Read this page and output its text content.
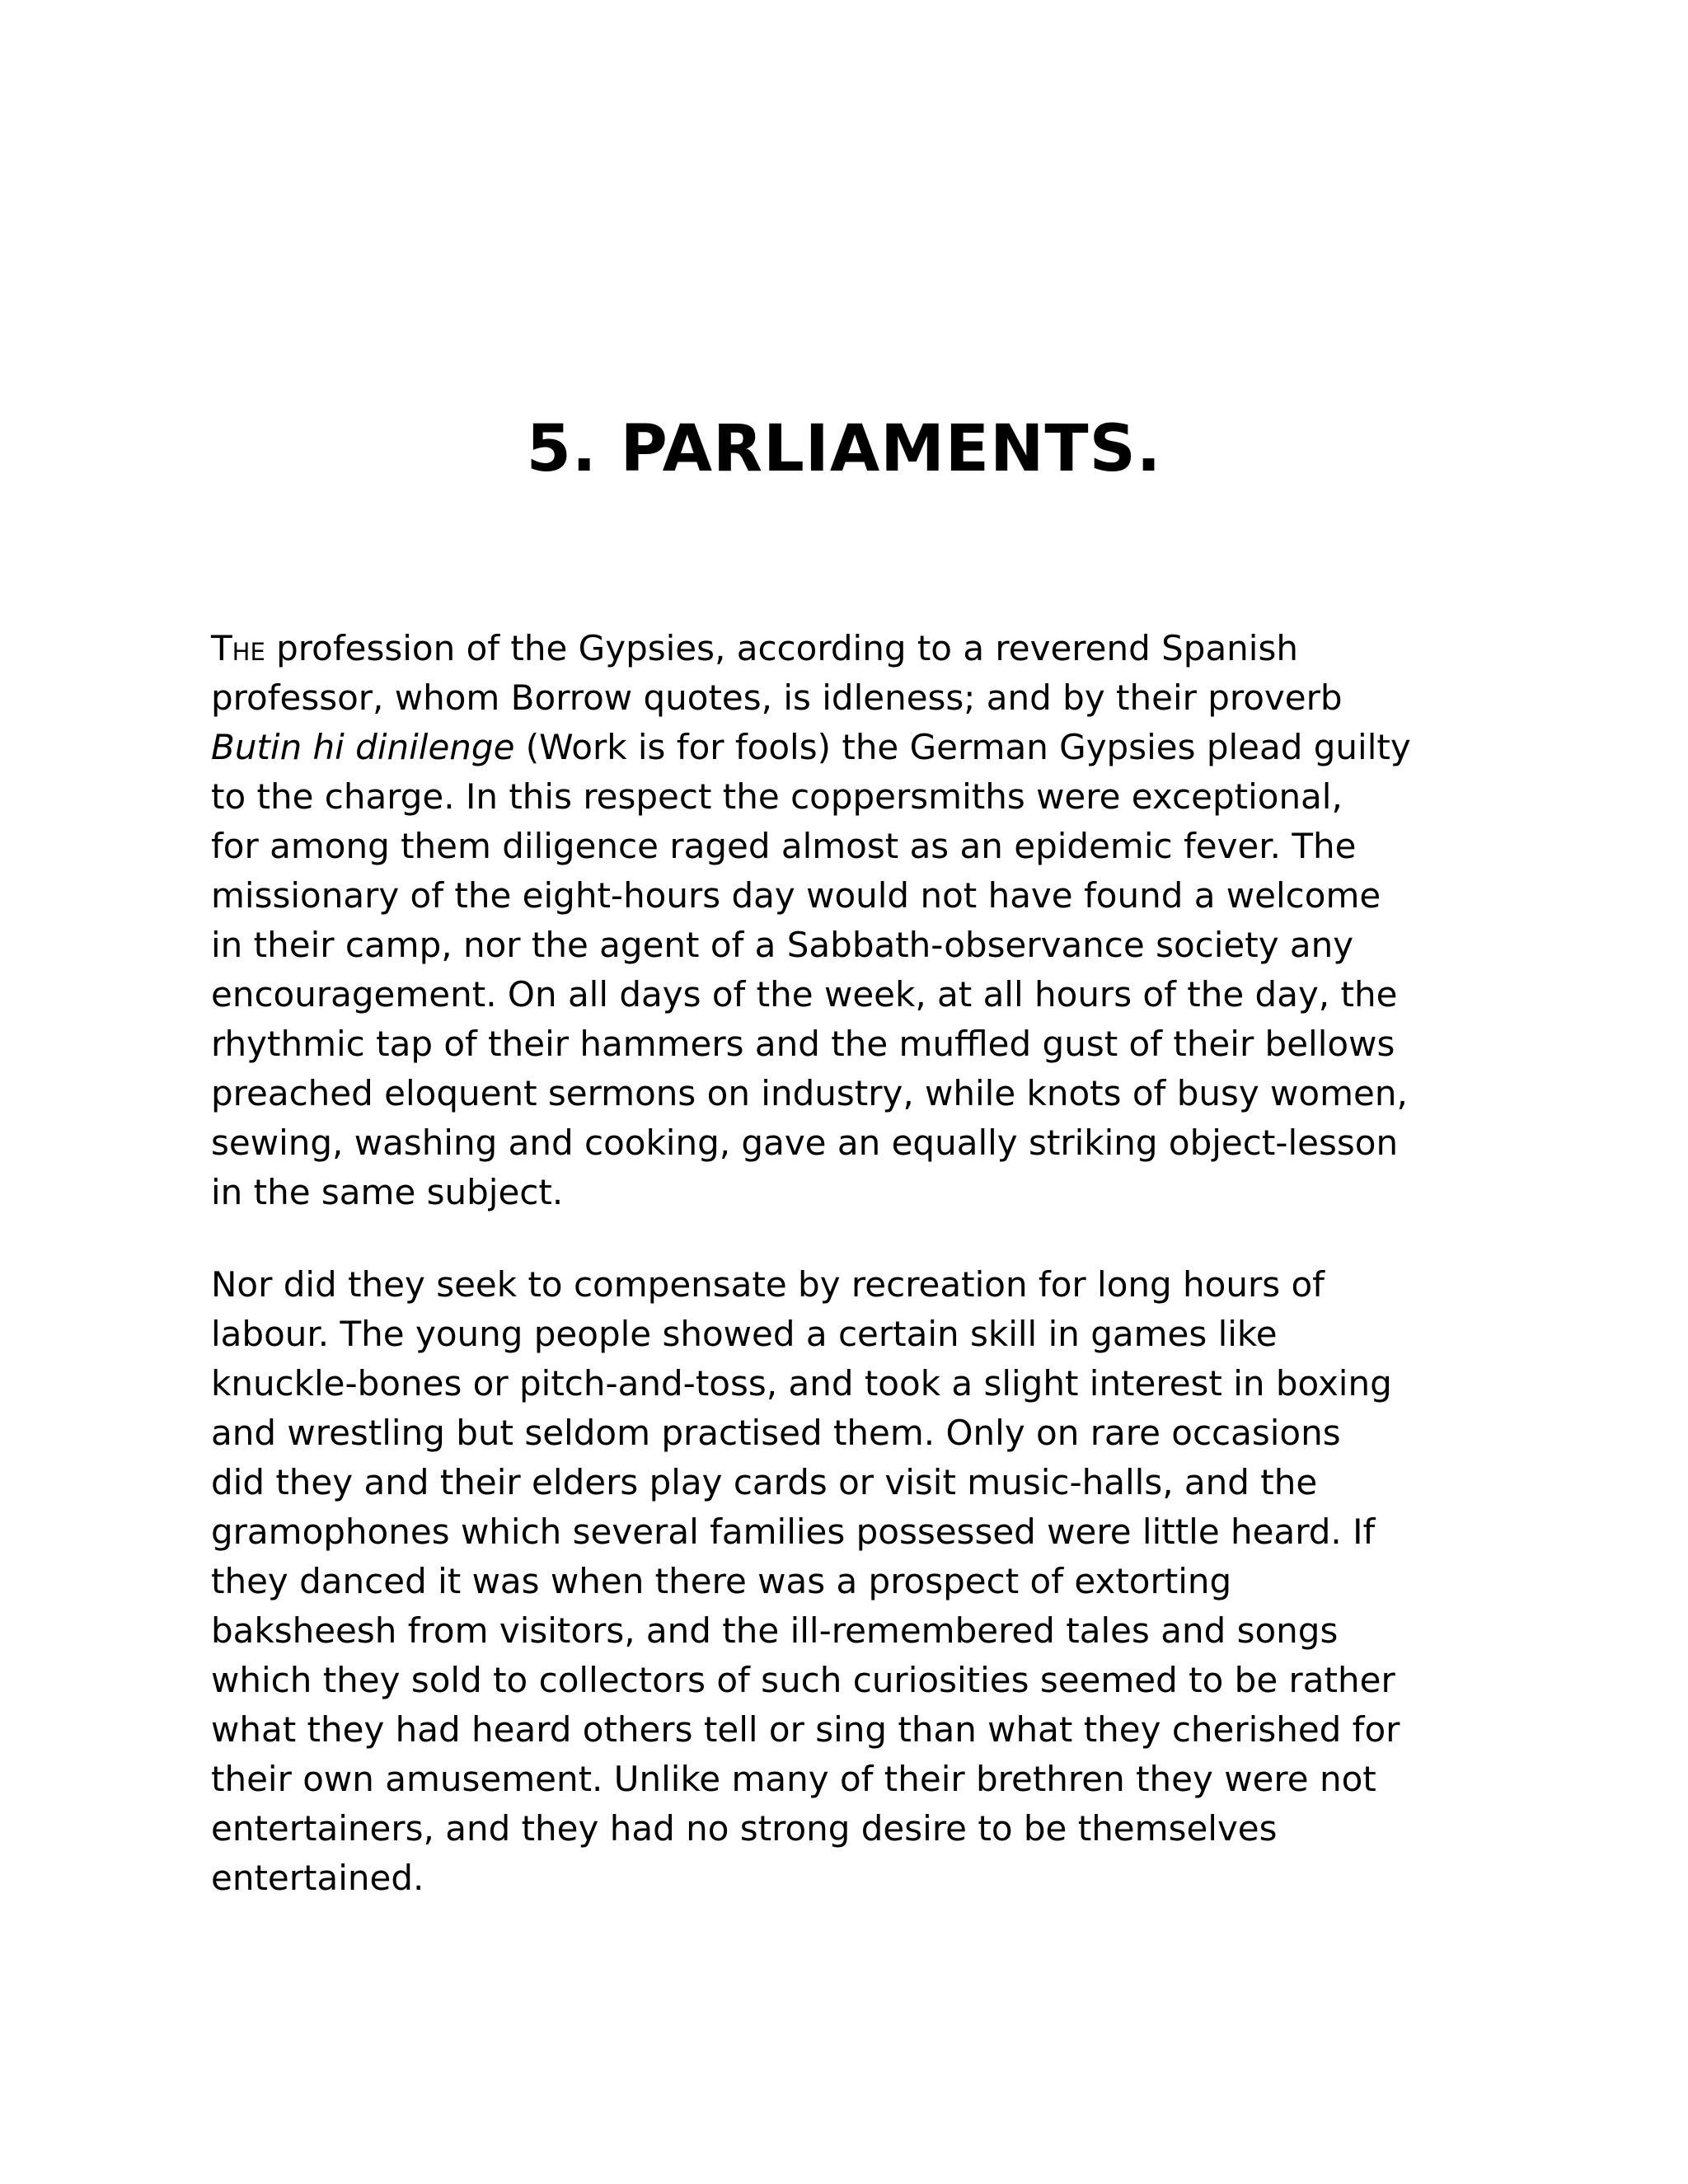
5. PARLIAMENTS.

The profession of the Gypsies, according to a reverend Spanish
professor, whom Borrow quotes, is idleness; and by their proverb
Butin hi dinilenge (Work is for fools) the German Gypsies plead guilty
to the charge. In this respect the coppersmiths were exceptional,
for among them diligence raged almost as an epidemic fever. The
missionary of the eight-hours day would not have found a welcome
in their camp, nor the agent of a Sabbath-observance society any
encouragement. On all days of the week, at all hours of the day, the
rhythmic tap of their hammers and the muffled gust of their bellows
preached eloquent sermons on industry, while knots of busy women,
sewing, washing and cooking, gave an equally striking object-lesson
in the same subject.

Nor did they seek to compensate by recreation for long hours of
labour. The young people showed a certain skill in games like
knuckle-bones or pitch-and-toss, and took a slight interest in boxing
and wrestling but seldom practised them. Only on rare occasions
did they and their elders play cards or visit music-halls, and the
gramophones which several families possessed were little heard. If
they danced it was when there was a prospect of extorting
baksheesh from visitors, and the ill-remembered tales and songs
which they sold to collectors of such curiosities seemed to be rather
what they had heard others tell or sing than what they cherished for
their own amusement. Unlike many of their brethren they were not
entertainers, and they had no strong desire to be themselves
entertained.
